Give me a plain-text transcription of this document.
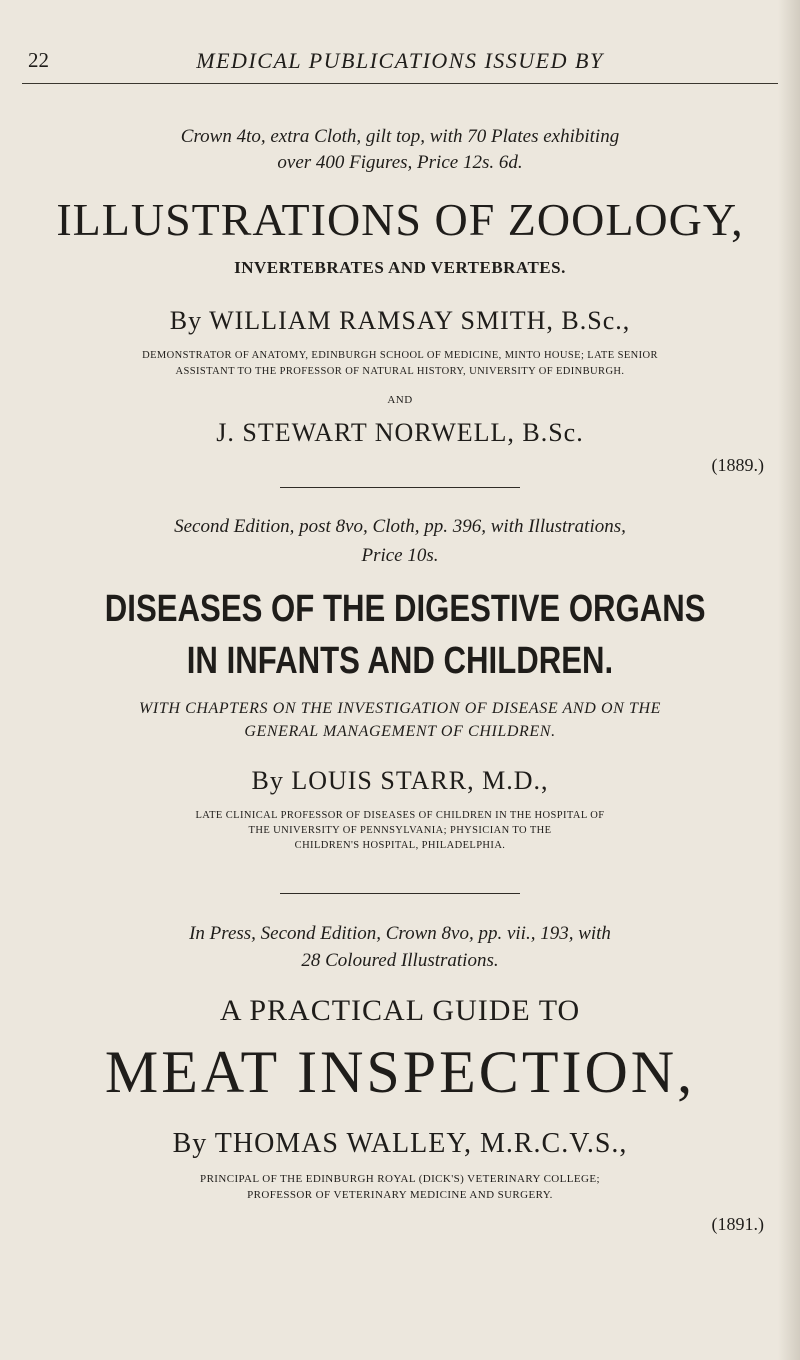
22	MEDICAL PUBLICATIONS ISSUED BY
Crown 4to, extra Cloth, gilt top, with 70 Plates exhibiting
over 400 Figures, Price 12s. 6d.
ILLUSTRATIONS OF ZOOLOGY,
INVERTEBRATES AND VERTEBRATES.
By WILLIAM RAMSAY SMITH, B.Sc.,
DEMONSTRATOR OF ANATOMY, EDINBURGH SCHOOL OF MEDICINE, MINTO HOUSE; LATE SENIOR
ASSISTANT TO THE PROFESSOR OF NATURAL HISTORY, UNIVERSITY OF EDINBURGH.
AND
J. STEWART NORWELL, B.Sc.
(1889.)
Second Edition, post 8vo, Cloth, pp. 396, with Illustrations,
Price 10s.
DISEASES OF THE DIGESTIVE ORGANS
IN INFANTS AND CHILDREN.
WITH CHAPTERS ON THE INVESTIGATION OF DISEASE AND ON THE
GENERAL MANAGEMENT OF CHILDREN.
By LOUIS STARR, M.D.,
LATE CLINICAL PROFESSOR OF DISEASES OF CHILDREN IN THE HOSPITAL OF
THE UNIVERSITY OF PENNSYLVANIA; PHYSICIAN TO THE
CHILDREN'S HOSPITAL, PHILADELPHIA.
In Press, Second Edition, Crown 8vo, pp. vii., 193, with
28 Coloured Illustrations.
A PRACTICAL GUIDE TO
MEAT INSPECTION,
By THOMAS WALLEY, M.R.C.V.S.,
PRINCIPAL OF THE EDINBURGH ROYAL (DICK'S) VETERINARY COLLEGE;
PROFESSOR OF VETERINARY MEDICINE AND SURGERY.
(1891.)
